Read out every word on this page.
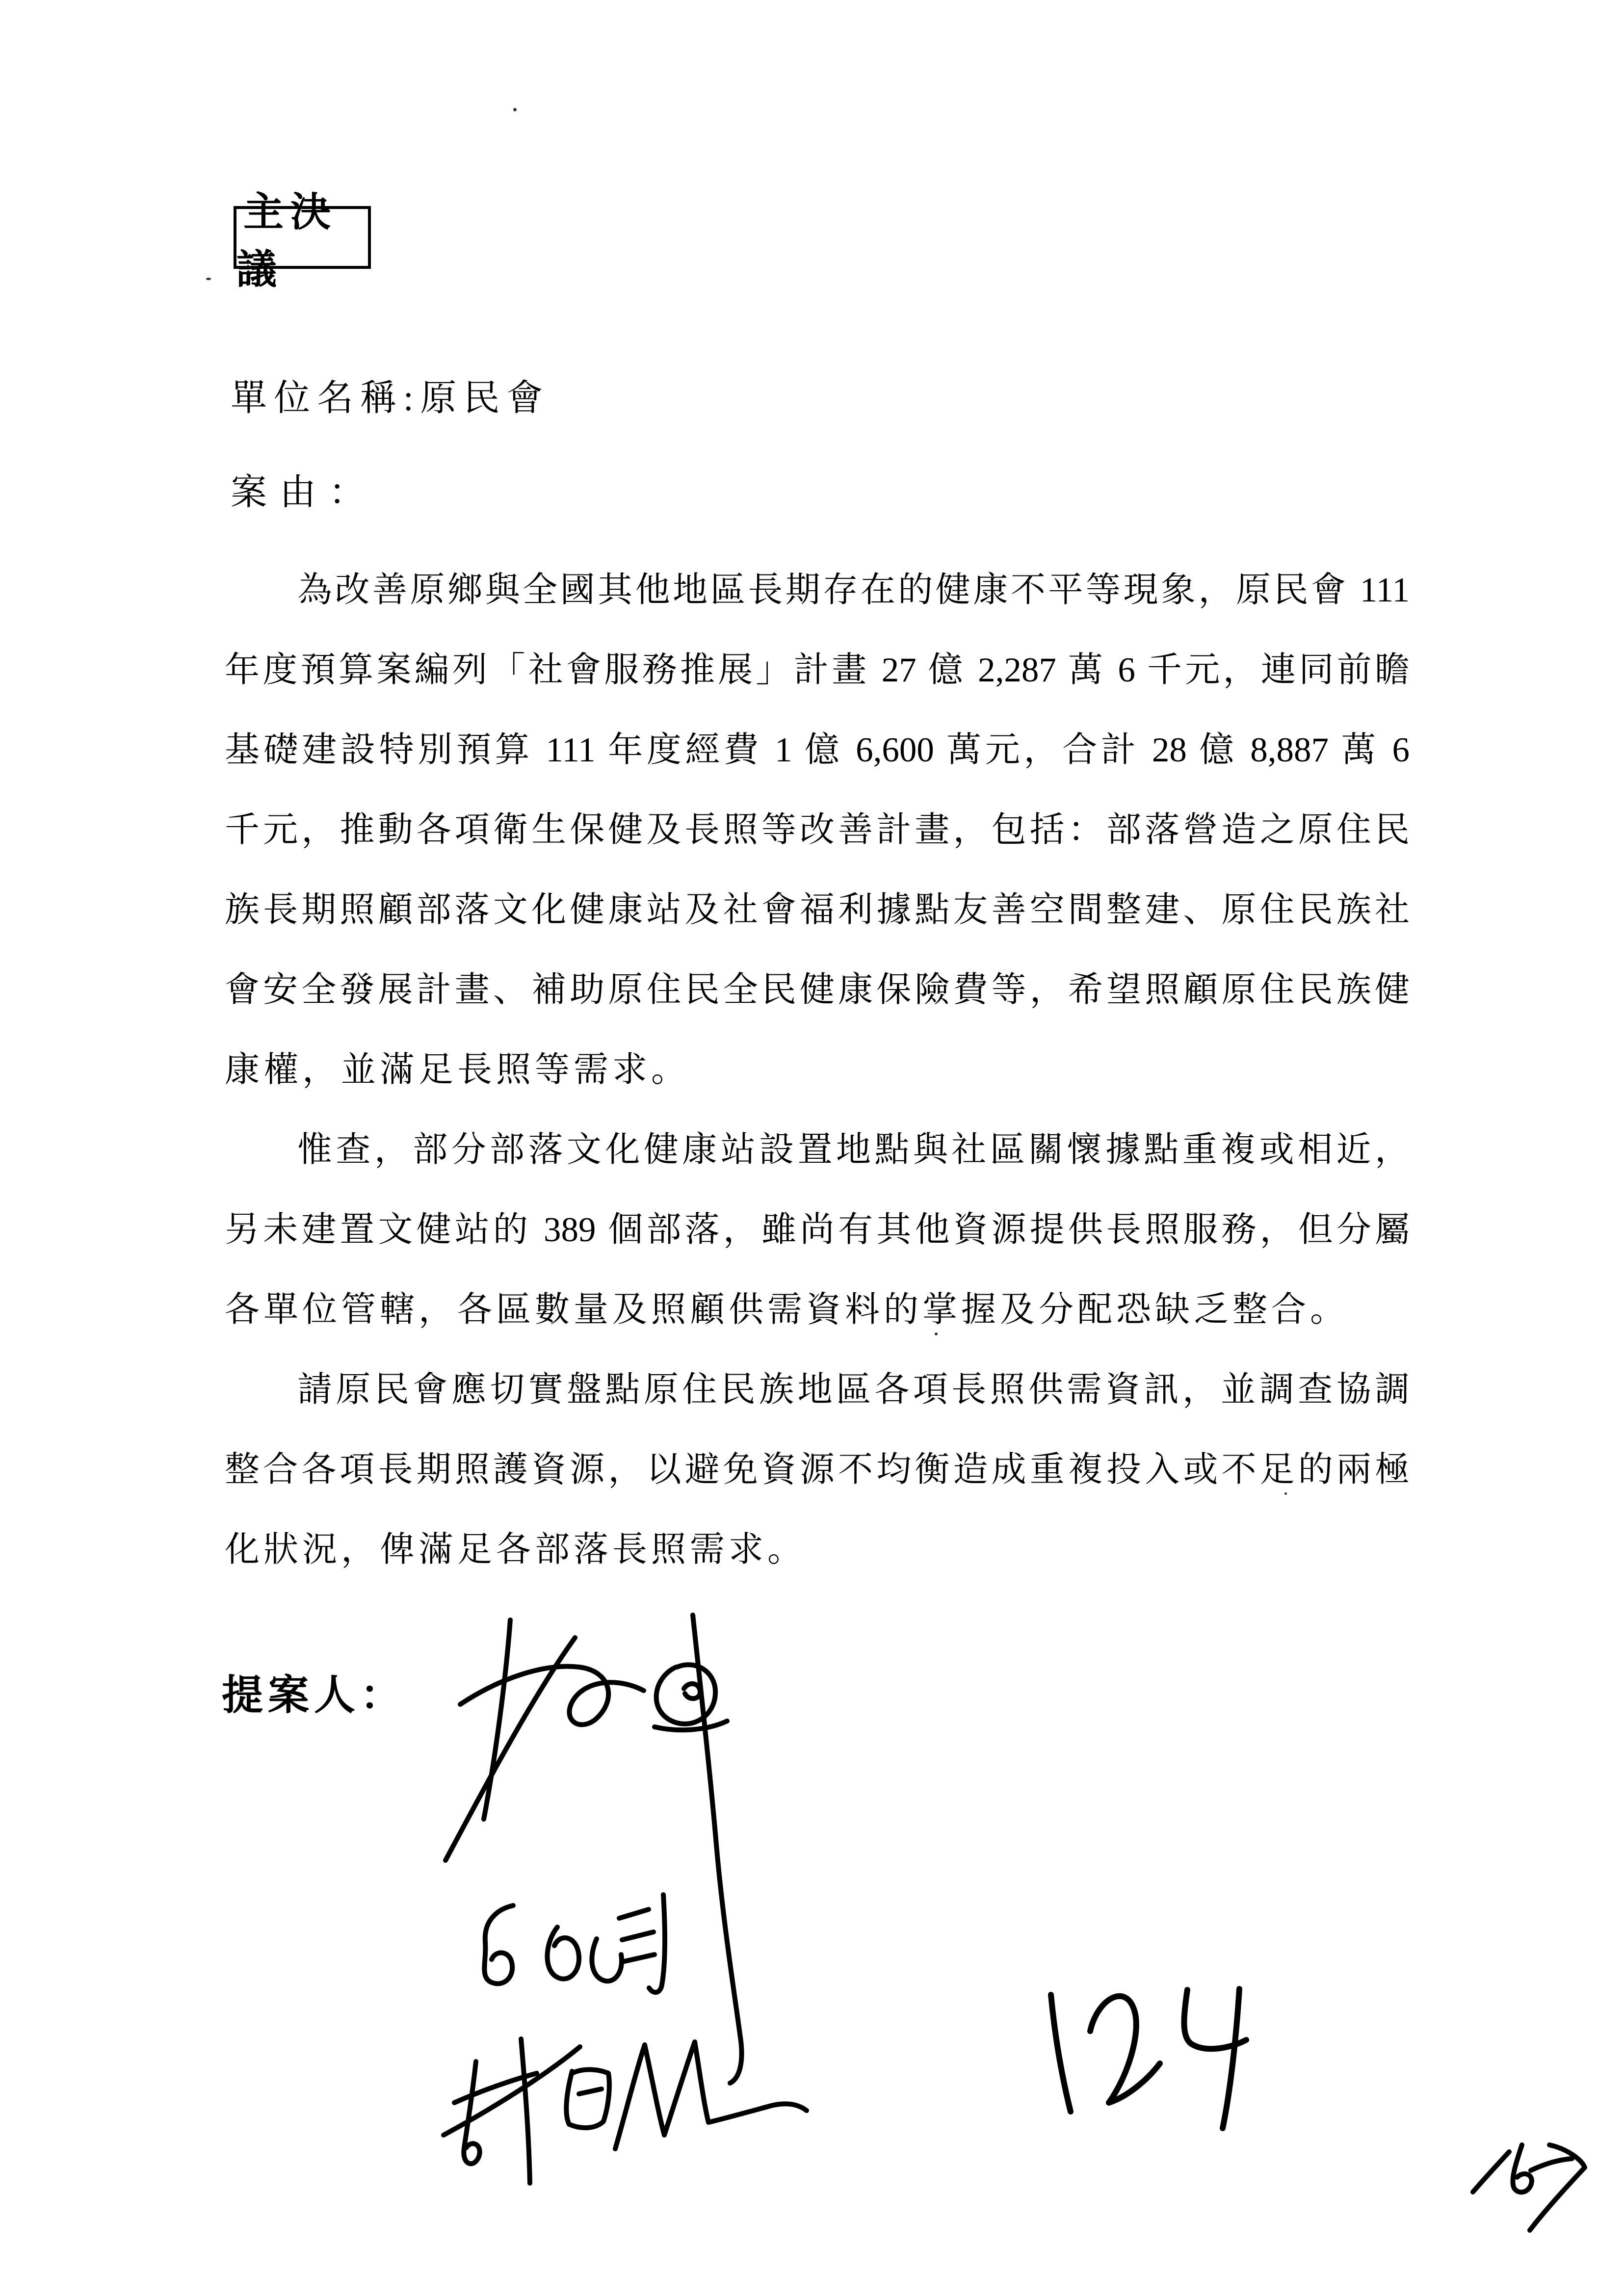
主決議
單位名稱:原民會
案由：
為改善原鄉與全國其他地區長期存在的健康不平等現象，原民會 111
年度預算案編列「社會服務推展」計畫 27 億 2,287 萬 6 千元，連同前瞻
基礎建設特別預算 111 年度經費 1 億 6,600 萬元，合計 28 億 8,887 萬 6
千元，推動各項衛生保健及長照等改善計畫，包括：部落營造之原住民
族長期照顧部落文化健康站及社會福利據點友善空間整建、原住民族社
會安全發展計畫、補助原住民全民健康保險費等，希望照顧原住民族健
康權，並滿足長照等需求。
惟查，部分部落文化健康站設置地點與社區關懷據點重複或相近，
另未建置文健站的 389 個部落，雖尚有其他資源提供長照服務，但分屬
各單位管轄，各區數量及照顧供需資料的掌握及分配恐缺乏整合。
請原民會應切實盤點原住民族地區各項長照供需資訊，並調查協調
整合各項長期照護資源，以避免資源不均衡造成重複投入或不足的兩極
化狀況，俾滿足各部落長照需求。
提案人：
